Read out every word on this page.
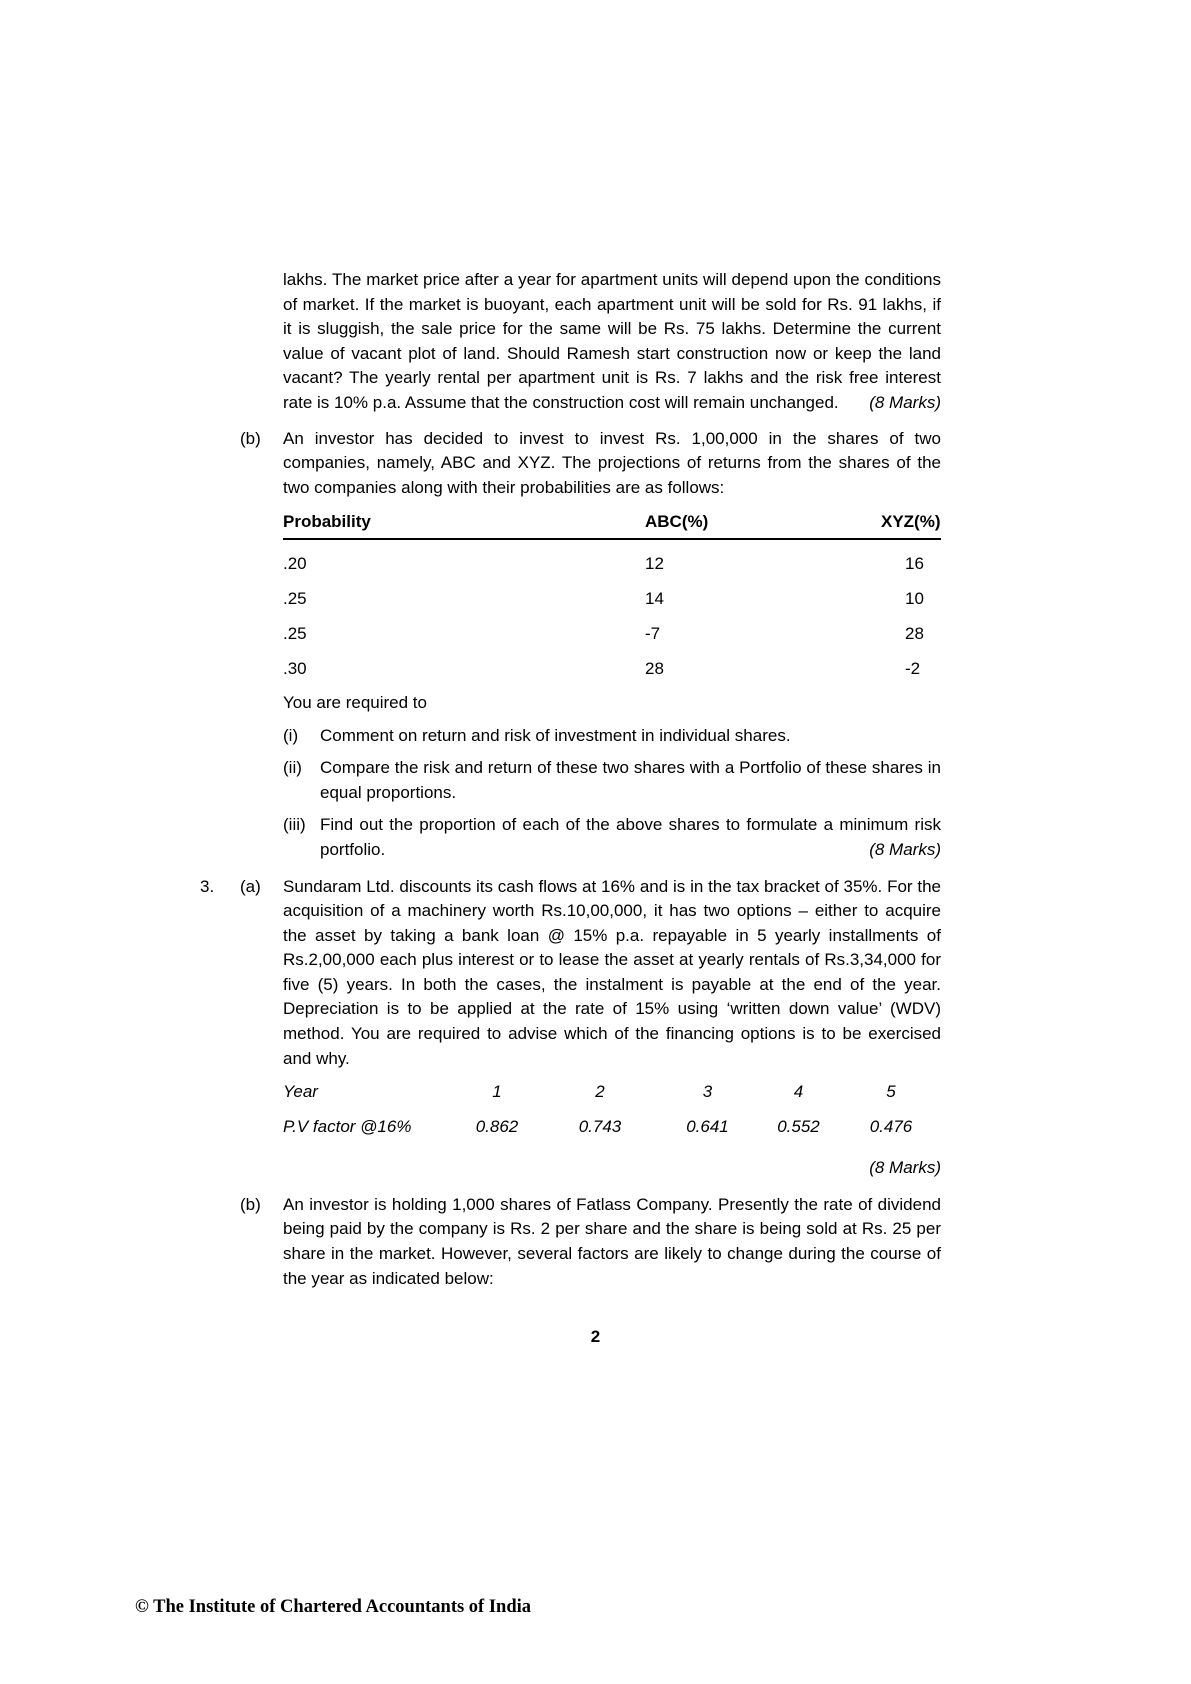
lakhs. The market price after a year for apartment units will depend upon the conditions of market. If the market is buoyant, each apartment unit will be sold for Rs. 91 lakhs, if it is sluggish, the sale price for the same will be Rs. 75 lakhs. Determine the current value of vacant plot of land. Should Ramesh start construction now or keep the land vacant? The yearly rental per apartment unit is Rs. 7 lakhs and the risk free interest rate is 10% p.a. Assume that the construction cost will remain unchanged.	(8 Marks)
(b)	An investor has decided to invest to invest Rs. 1,00,000 in the shares of two companies, namely, ABC and XYZ. The projections of returns from the shares of the two companies along with their probabilities are as follows:
Probability	ABC(%)	XYZ(%)
.20	12	16
.25	14	10
.25	-7	28
.30	28	-2
You are required to
(i)	Comment on return and risk of investment in individual shares.
(ii)	Compare the risk and return of these two shares with a Portfolio of these shares in equal proportions.
(iii) Find out the proportion of each of the above shares to formulate a minimum risk portfolio.	(8 Marks)
3.	(a)	Sundaram Ltd. discounts its cash flows at 16% and is in the tax bracket of 35%. For the acquisition of a machinery worth Rs.10,00,000, it has two options – either to acquire the asset by taking a bank loan @ 15% p.a. repayable in 5 yearly installments of Rs.2,00,000 each plus interest or to lease the asset at yearly rentals of Rs.3,34,000 for five (5) years. In both the cases, the instalment is payable at the end of the year. Depreciation is to be applied at the rate of 15% using ‘written down value’ (WDV) method. You are required to advise which of the financing options is to be exercised and why.
Year	1	2	3	4	5
P.V factor @16%	0.862	0.743	0.641	0.552	0.476
(8 Marks)
(b)	An investor is holding 1,000 shares of Fatlass Company. Presently the rate of dividend being paid by the company is Rs. 2 per share and the share is being sold at Rs. 25 per share in the market. However, several factors are likely to change during the course of the year as indicated below:
2
© The Institute of Chartered Accountants of India
